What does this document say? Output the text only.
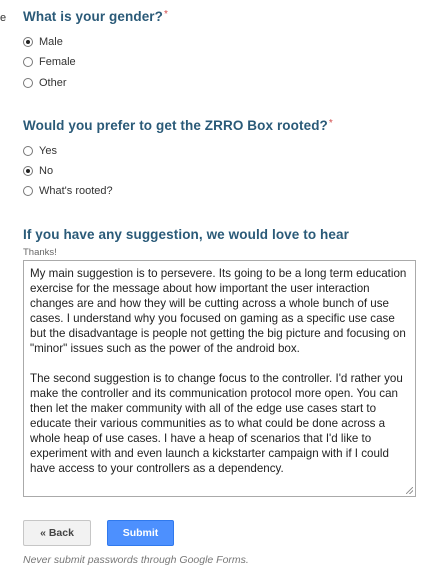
e What is your gender?*
Male
Female
Other
Would you prefer to get the ZRRO Box rooted?*
Yes
No
What's rooted?
If you have any suggestion, we would love to hear
Thanks!
My main suggestion is to persevere. Its going to be a long term education
exercise for the message about how important the user interaction
changes are and how they will be cutting across a whole bunch of use
cases. I understand why you focused on gaming as a specific use case
but the disadvantage is people not getting the big picture and focusing on
"minor" issues such as the power of the android box.

The second suggestion is to change focus to the controller. I'd rather you
make the controller and its communication protocol more open. You can
then let the maker community with all of the edge use cases start to
educate their various communities as to what could be done across a
whole heap of use cases. I have a heap of scenarios that I'd like to
experiment with and even launch a kickstarter campaign with if I could
have access to your controllers as a dependency.
« Back	Submit
Never submit passwords through Google Forms.
